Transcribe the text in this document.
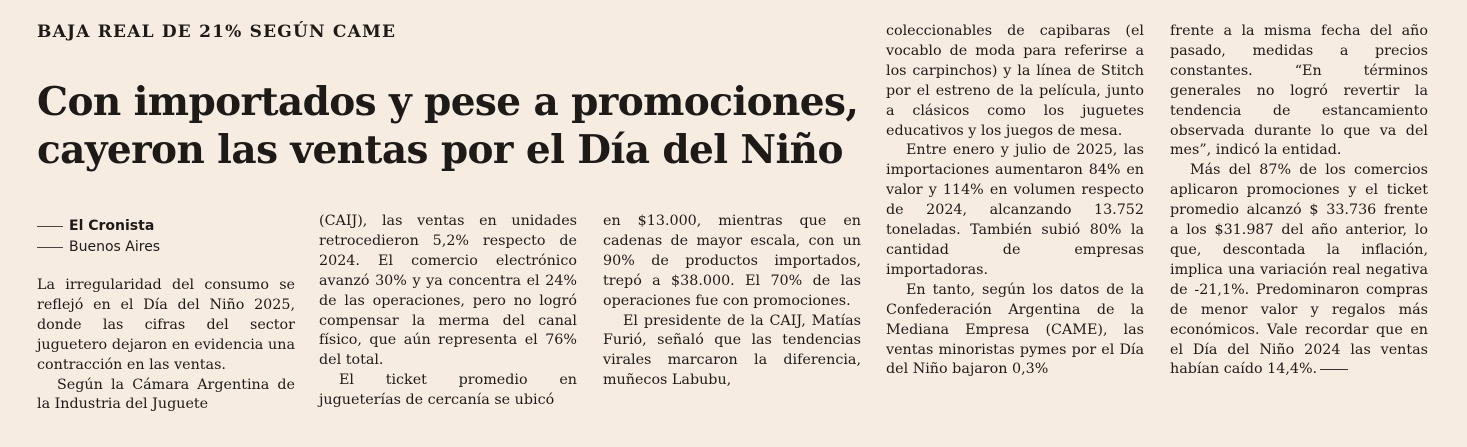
BAJA REAL DE 21% SEGÚN CAME
Con importados y pese a promociones,
cayeron las ventas por el Día del Niño
El Cronista
Buenos Aires

La irregularidad del consumo se reflejó en el Día del Niño 2025, donde las cifras del sector juguetero dejaron en evidencia una contracción en las ventas.

Según la Cámara Argentina de la Industria del Juguete

(CAIJ), las ventas en unidades retrocedieron 5,2% respecto de 2024. El comercio electrónico avanzó 30% y ya concentra el 24% de las operaciones, pero no logró compensar la merma del canal físico, que aún representa el 76% del total.

El ticket promedio en jugueterías de cercanía se ubicó

en $13.000, mientras que en cadenas de mayor escala, con un 90% de productos importados, trepó a $38.000. El 70% de las operaciones fue con promociones.

El presidente de la CAIJ, Matías Furió, señaló que las tendencias virales marcaron la diferencia, muñecos Labubu,

coleccionables de capibaras (el vocablo de moda para referirse a los carpinchos) y la línea de Stitch por el estreno de la película, junto a clásicos como los juguetes educativos y los juegos de mesa.

Entre enero y julio de 2025, las importaciones aumentaron 84% en valor y 114% en volumen respecto de 2024, alcanzando 13.752 toneladas. También subió 80% la cantidad de empresas importadoras.

En tanto, según los datos de la Confederación Argentina de la Mediana Empresa (CAME), las ventas minoristas pymes por el Día del Niño bajaron 0,3%

frente a la misma fecha del año pasado, medidas a precios constantes. “En términos generales no logró revertir la tendencia de estancamiento observada durante lo que va del mes”, indicó la entidad.

Más del 87% de los comercios aplicaron promociones y el ticket promedio alcanzó $ 33.736 frente a los $31.987 del año anterior, lo que, descontada la inflación, implica una variación real negativa de -21,1%. Predominaron compras de menor valor y regalos más económicos. Vale recordar que en el Día del Niño 2024 las ventas habían caído 14,4%.
